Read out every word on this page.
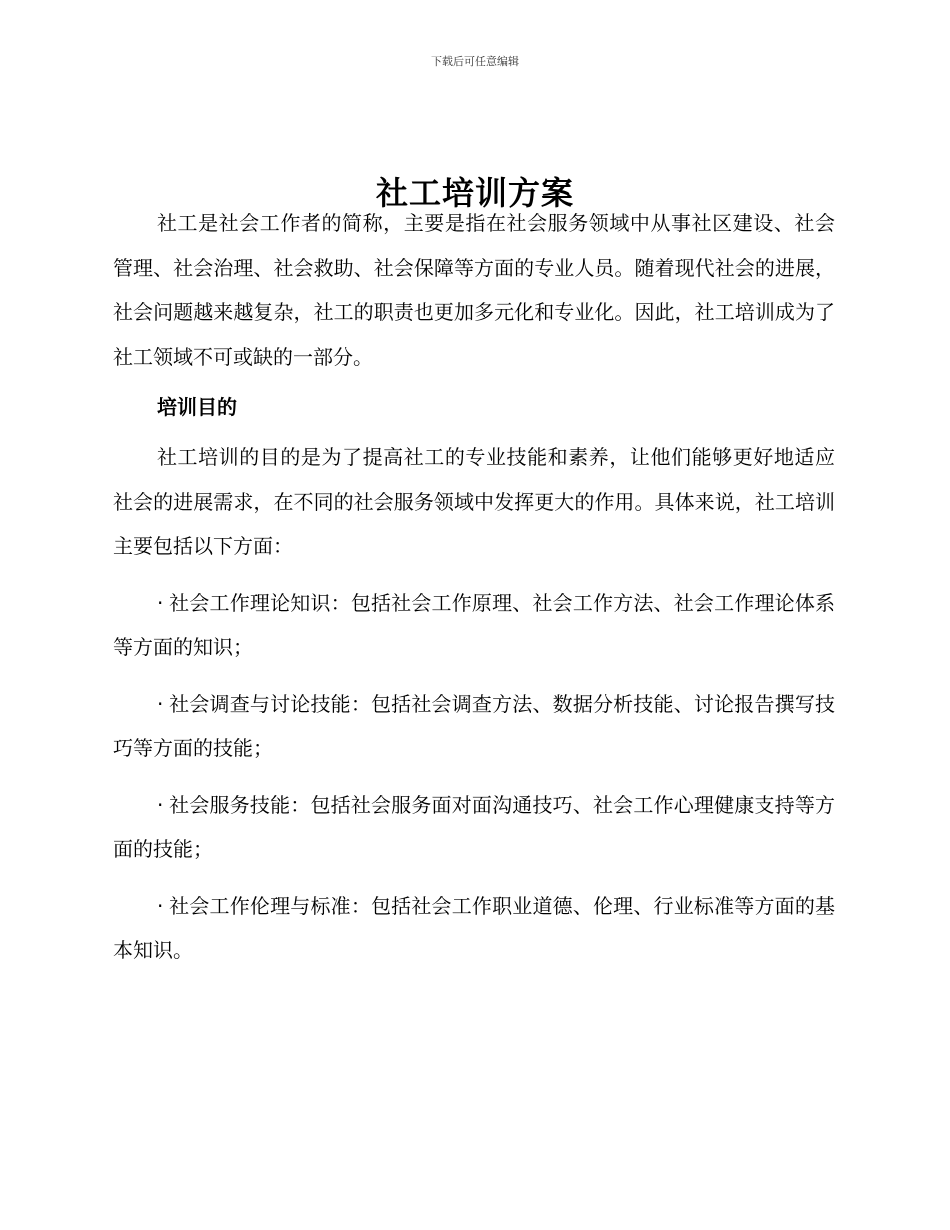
下载后可任意编辑
社工培训方案

社工是社会工作者的简称，主要是指在社会服务领域中从事社区建设、社会管理、社会治理、社会救助、社会保障等方面的专业人员。随着现代社会的进展，社会问题越来越复杂，社工的职责也更加多元化和专业化。因此，社工培训成为了社工领域不可或缺的一部分。

培训目的

社工培训的目的是为了提高社工的专业技能和素养，让他们能够更好地适应社会的进展需求，在不同的社会服务领域中发挥更大的作用。具体来说，社工培训主要包括以下方面：

· 社会工作理论知识：包括社会工作原理、社会工作方法、社会工作理论体系等方面的知识；

· 社会调查与讨论技能：包括社会调查方法、数据分析技能、讨论报告撰写技巧等方面的技能；

· 社会服务技能：包括社会服务面对面沟通技巧、社会工作心理健康支持等方面的技能；

· 社会工作伦理与标准：包括社会工作职业道德、伦理、行业标准等方面的基本知识。
